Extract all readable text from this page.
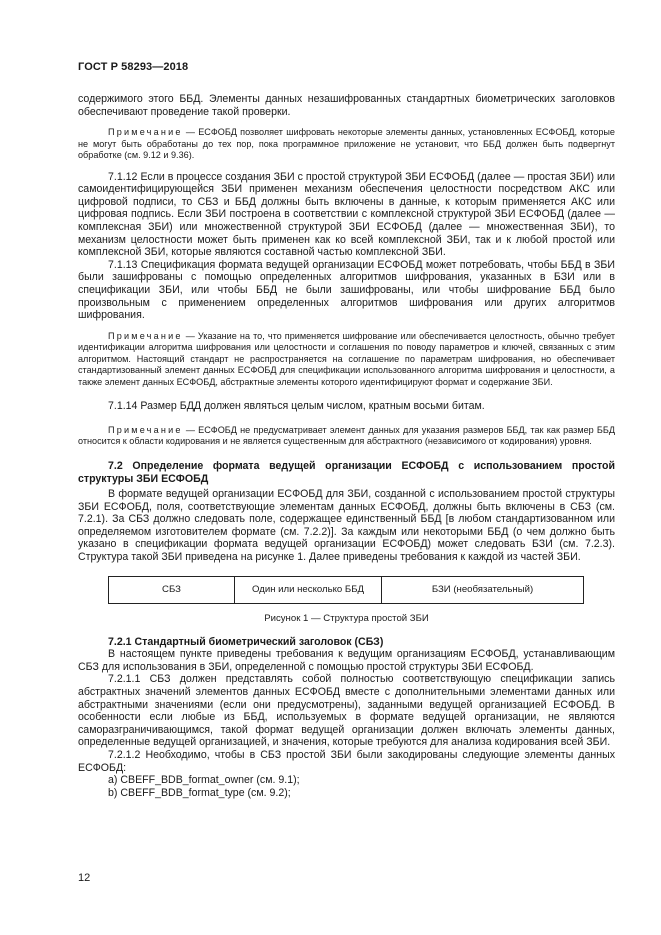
ГОСТ Р 58293—2018

содержимого этого ББД. Элементы данных незашифрованных стандартных биометрических заголовков обеспечивают проведение такой проверки.

Примечание — ЕСФОБД позволяет шифровать некоторые элементы данных, установленных ЕСФОБД, которые не могут быть обработаны до тех пор, пока программное приложение не установит, что ББД должен быть подвергнут обработке (см. 9.12 и 9.36).

7.1.12 Если в процессе создания ЗБИ с простой структурой ЗБИ ЕСФОБД (далее — простая ЗБИ) или самоидентифицирующейся ЗБИ применен механизм обеспечения целостности посредством АКС или цифровой подписи, то СБЗ и ББД должны быть включены в данные, к которым применяется АКС или цифровая подпись. Если ЗБИ построена в соответствии с комплексной структурой ЗБИ ЕСФОБД (далее — комплексная ЗБИ) или множественной структурой ЗБИ ЕСФОБД (далее — множественная ЗБИ), то механизм целостности может быть применен как ко всей комплексной ЗБИ, так и к любой простой или комплексной ЗБИ, которые являются составной частью комплексной ЗБИ.

7.1.13 Спецификация формата ведущей организации ЕСФОБД может потребовать, чтобы ББД в ЗБИ были зашифрованы с помощью определенных алгоритмов шифрования, указанных в БЗИ или в спецификации ЗБИ, или чтобы ББД не были зашифрованы, или чтобы шифрование ББД было произвольным с применением определенных алгоритмов шифрования или других алгоритмов шифрования.

Примечание — Указание на то, что применяется шифрование или обеспечивается целостность, обычно требует идентификации алгоритма шифрования или целостности и соглашения по поводу параметров и ключей, связанных с этим алгоритмом. Настоящий стандарт не распространяется на соглашение по параметрам шифрования, но обеспечивает стандартизованный элемент данных ЕСФОБД для спецификации использованного алгоритма шифрования и целостности, а также элемент данных ЕСФОБД, абстрактные элементы которого идентифицируют формат и содержание ЗБИ.

7.1.14 Размер БДД должен являться целым числом, кратным восьми битам.

Примечание — ЕСФОБД не предусматривает элемент данных для указания размеров ББД, так как размер ББД относится к области кодирования и не является существенным для абстрактного (независимого от кодирования) уровня.

7.2 Определение формата ведущей организации ЕСФОБД с использованием простой структуры ЗБИ ЕСФОБД

В формате ведущей организации ЕСФОБД для ЗБИ, созданной с использованием простой структуры ЗБИ ЕСФОБД, поля, соответствующие элементам данных ЕСФОБД, должны быть включены в СБЗ (см. 7.2.1). За СБЗ должно следовать поле, содержащее единственный ББД [в любом стандартизованном или определяемом изготовителем формате (см. 7.2.2)]. За каждым или некоторыми ББД (о чем должно быть указано в спецификации формата ведущей организации ЕСФОБД) может следовать БЗИ (см. 7.2.3). Структура такой ЗБИ приведена на рисунке 1. Далее приведены требования к каждой из частей ЗБИ.

СБЗ	Один или несколько ББД	БЗИ (необязательный)
Рисунок 1 — Структура простой ЗБИ

7.2.1 Стандартный биометрический заголовок (СБЗ)

В настоящем пункте приведены требования к ведущим организациям ЕСФОБД, устанавливающим СБЗ для использования в ЗБИ, определенной с помощью простой структуры ЗБИ ЕСФОБД.

7.2.1.1 СБЗ должен представлять собой полностью соответствующую спецификации запись абстрактных значений элементов данных ЕСФОБД вместе с дополнительными элементами данных или абстрактными значениями (если они предусмотрены), заданными ведущей организацией ЕСФОБД. В особенности если любые из ББД, используемых в формате ведущей организации, не являются саморазграничивающимся, такой формат ведущей организации должен включать элементы данных, определенные ведущей организацией, и значения, которые требуются для анализа кодирования всей ЗБИ.

7.2.1.2 Необходимо, чтобы в СБЗ простой ЗБИ были закодированы следующие элементы данных ЕСФОБД:

a) CBEFF_BDB_format_owner (см. 9.1);

b) CBEFF_BDB_format_type (см. 9.2);

12
